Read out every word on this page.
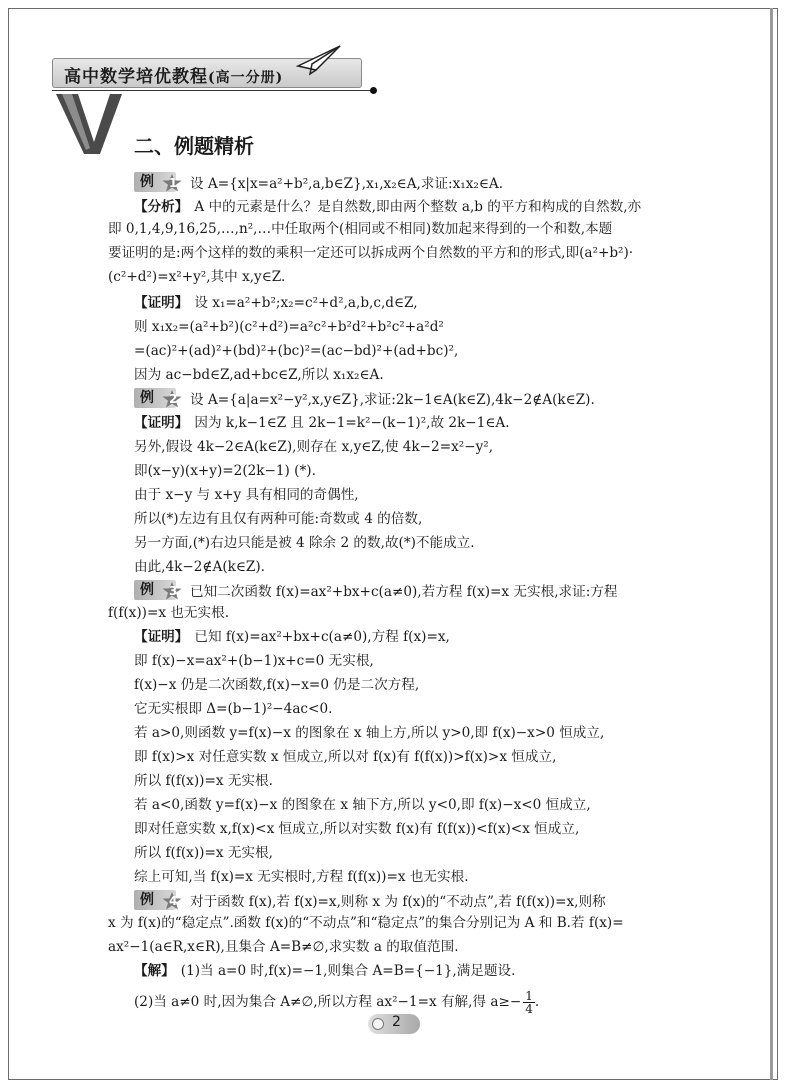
高中数学培优教程(高一分册)
二、例题精析
例 1 设 A={x|x=a²+b²,a,b∈Z},x₁,x₂∈A,求证:x₁x₂∈A.
【分析】 A 中的元素是什么？是自然数,即由两个整数 a,b 的平方和构成的自然数,亦
即 0,1,4,9,16,25,…,n²,…中任取两个(相同或不相同)数加起来得到的一个和数,本题
要证明的是:两个这样的数的乘积一定还可以拆成两个自然数的平方和的形式,即(a²+b²)·
(c²+d²)=x²+y²,其中 x,y∈Z.
【证明】 设 x₁=a²+b²;x₂=c²+d²,a,b,c,d∈Z,
则 x₁x₂=(a²+b²)(c²+d²)=a²c²+b²d²+b²c²+a²d²
=(ac)²+(ad)²+(bd)²+(bc)²=(ac−bd)²+(ad+bc)²,
因为 ac−bd∈Z,ad+bc∈Z,所以 x₁x₂∈A.
例 2 设 A={a|a=x²−y²,x,y∈Z},求证:2k−1∈A(k∈Z),4k−2∉A(k∈Z).
【证明】 因为 k,k−1∈Z 且 2k−1=k²−(k−1)²,故 2k−1∈A.
另外,假设 4k−2∈A(k∈Z),则存在 x,y∈Z,使 4k−2=x²−y²,
即(x−y)(x+y)=2(2k−1) (*).
由于 x−y 与 x+y 具有相同的奇偶性,
所以(*)左边有且仅有两种可能:奇数或 4 的倍数,
另一方面,(*)右边只能是被 4 除余 2 的数,故(*)不能成立.
由此,4k−2∉A(k∈Z).
例 3 已知二次函数 f(x)=ax²+bx+c(a≠0),若方程 f(x)=x 无实根,求证:方程
f(f(x))=x 也无实根.
【证明】 已知 f(x)=ax²+bx+c(a≠0),方程 f(x)=x,
即 f(x)−x=ax²+(b−1)x+c=0 无实根,
f(x)−x 仍是二次函数,f(x)−x=0 仍是二次方程,
它无实根即 Δ=(b−1)²−4ac<0.
若 a>0,则函数 y=f(x)−x 的图象在 x 轴上方,所以 y>0,即 f(x)−x>0 恒成立,
即 f(x)>x 对任意实数 x 恒成立,所以对 f(x)有 f(f(x))>f(x)>x 恒成立,
所以 f(f(x))=x 无实根.
若 a<0,函数 y=f(x)−x 的图象在 x 轴下方,所以 y<0,即 f(x)−x<0 恒成立,
即对任意实数 x,f(x)<x 恒成立,所以对实数 f(x)有 f(f(x))<f(x)<x 恒成立,
所以 f(f(x))=x 无实根,
综上可知,当 f(x)=x 无实根时,方程 f(f(x))=x 也无实根.
例 4 对于函数 f(x),若 f(x)=x,则称 x 为 f(x)的“不动点”,若 f(f(x))=x,则称
x 为 f(x)的“稳定点”.函数 f(x)的“不动点”和“稳定点”的集合分别记为 A 和 B.若 f(x)=
ax²−1(a∈R,x∈R),且集合 A=B≠∅,求实数 a 的取值范围.
【解】 (1)当 a=0 时,f(x)=−1,则集合 A=B={−1},满足题设.
(2)当 a≠0 时,因为集合 A≠∅,所以方程 ax²−1=x 有解,得 $a\ge- \frac{1}{4}$ .
2
